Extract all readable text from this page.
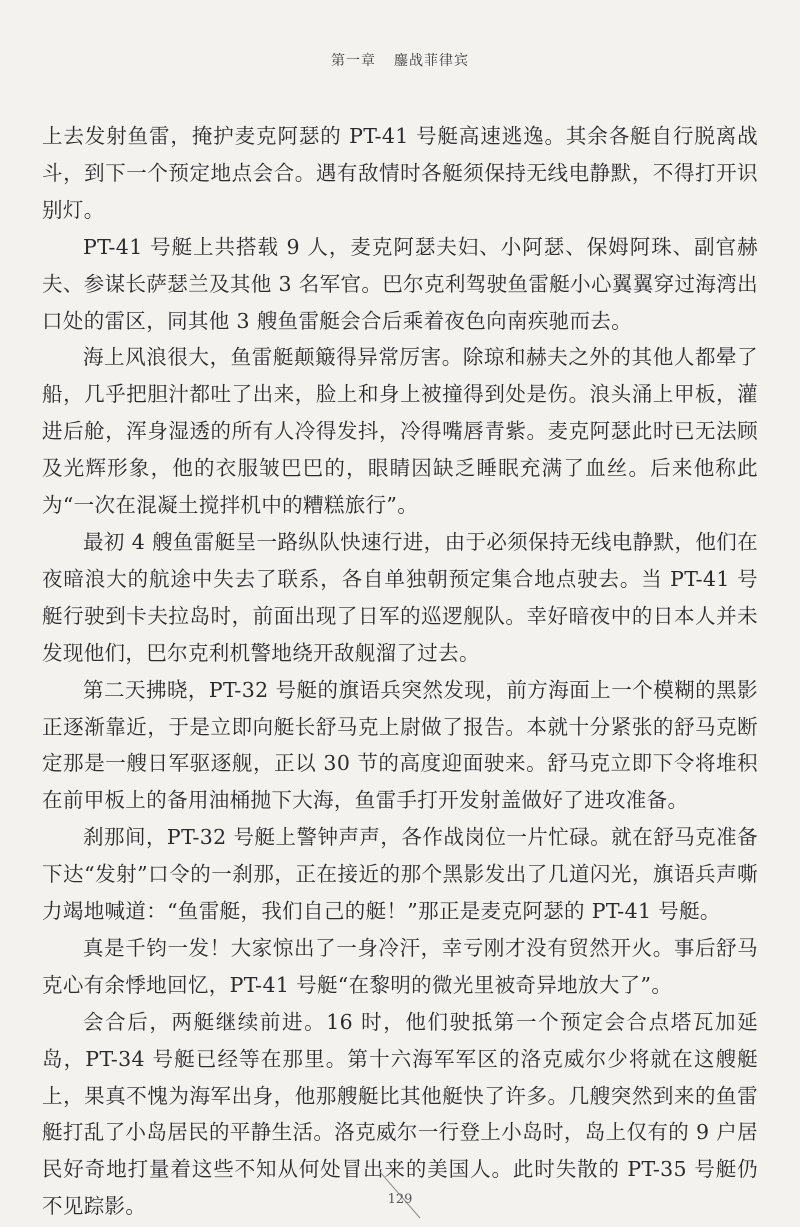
第一章 鏖战菲律宾

上去发射鱼雷，掩护麦克阿瑟的 PT-41 号艇高速逃逸。其余各艇自行脱离战斗，到下一个预定地点会合。遇有敌情时各艇须保持无线电静默，不得打开识别灯。

PT-41 号艇上共搭载 9 人，麦克阿瑟夫妇、小阿瑟、保姆阿珠、副官赫夫、参谋长萨瑟兰及其他 3 名军官。巴尔克利驾驶鱼雷艇小心翼翼穿过海湾出口处的雷区，同其他 3 艘鱼雷艇会合后乘着夜色向南疾驰而去。

海上风浪很大，鱼雷艇颠簸得异常厉害。除琼和赫夫之外的其他人都晕了船，几乎把胆汁都吐了出来，脸上和身上被撞得到处是伤。浪头涌上甲板，灌进后舱，浑身湿透的所有人冷得发抖，冷得嘴唇青紫。麦克阿瑟此时已无法顾及光辉形象，他的衣服皱巴巴的，眼睛因缺乏睡眠充满了血丝。后来他称此为“一次在混凝土搅拌机中的糟糕旅行”。

最初 4 艘鱼雷艇呈一路纵队快速行进，由于必须保持无线电静默，他们在夜暗浪大的航途中失去了联系，各自单独朝预定集合地点驶去。当 PT-41 号艇行驶到卡夫拉岛时，前面出现了日军的巡逻舰队。幸好暗夜中的日本人并未发现他们，巴尔克利机警地绕开敌舰溜了过去。

第二天拂晓，PT-32 号艇的旗语兵突然发现，前方海面上一个模糊的黑影正逐渐靠近，于是立即向艇长舒马克上尉做了报告。本就十分紧张的舒马克断定那是一艘日军驱逐舰，正以 30 节的高度迎面驶来。舒马克立即下令将堆积在前甲板上的备用油桶抛下大海，鱼雷手打开发射盖做好了进攻准备。

刹那间，PT-32 号艇上警钟声声，各作战岗位一片忙碌。就在舒马克准备下达“发射”口令的一刹那，正在接近的那个黑影发出了几道闪光，旗语兵声嘶力竭地喊道：“鱼雷艇，我们自己的艇！”那正是麦克阿瑟的 PT-41 号艇。

真是千钧一发！大家惊出了一身冷汗，幸亏刚才没有贸然开火。事后舒马克心有余悸地回忆，PT-41 号艇“在黎明的微光里被奇异地放大了”。

会合后，两艇继续前进。16 时，他们驶抵第一个预定会合点塔瓦加延岛，PT-34 号艇已经等在那里。第十六海军军区的洛克威尔少将就在这艘艇上，果真不愧为海军出身，他那艘艇比其他艇快了许多。几艘突然到来的鱼雷艇打乱了小岛居民的平静生活。洛克威尔一行登上小岛时，岛上仅有的 9 户居民好奇地打量着这些不知从何处冒出来的美国人。此时失散的 PT-35 号艇仍不见踪影。	129
